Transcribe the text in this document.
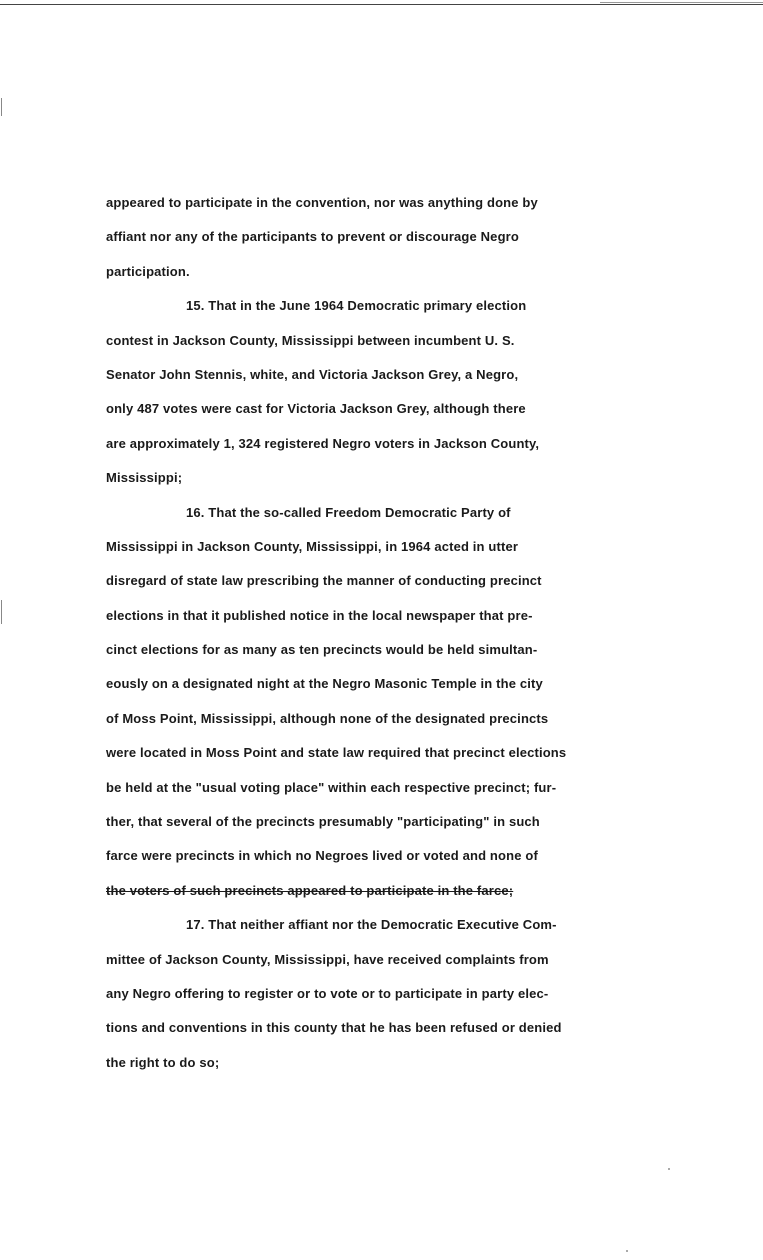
appeared to participate in the convention, nor was anything done by
affiant nor any of the participants to prevent or discourage Negro
participation.
15. That in the June 1964 Democratic primary election
contest in Jackson County, Mississippi between incumbent U. S.
Senator John Stennis, white, and Victoria Jackson Grey, a Negro,
only 487 votes were cast for Victoria Jackson Grey, although there
are approximately 1, 324 registered Negro voters in Jackson County,
Mississippi;
16. That the so-called Freedom Democratic Party of
Mississippi in Jackson County, Mississippi, in 1964 acted in utter
disregard of state law prescribing the manner of conducting precinct
elections in that it published notice in the local newspaper that pre-
cinct elections for as many as ten precincts would be held simultan-
eously on a designated night at the Negro Masonic Temple in the city
of Moss Point, Mississippi, although none of the designated precincts
were located in Moss Point and state law required that precinct elections
be held at the "usual voting place" within each respective precinct; fur-
ther, that several of the precincts presumably "participating" in such
farce were precincts in which no Negroes lived or voted and none of
the voters of such precincts appeared to participate in the farce;
17. That neither affiant nor the Democratic Executive Com-
mittee of Jackson County, Mississippi, have received complaints from
any Negro offering to register or to vote or to participate in party elec-
tions and conventions in this county that he has been refused or denied
the right to do so;
